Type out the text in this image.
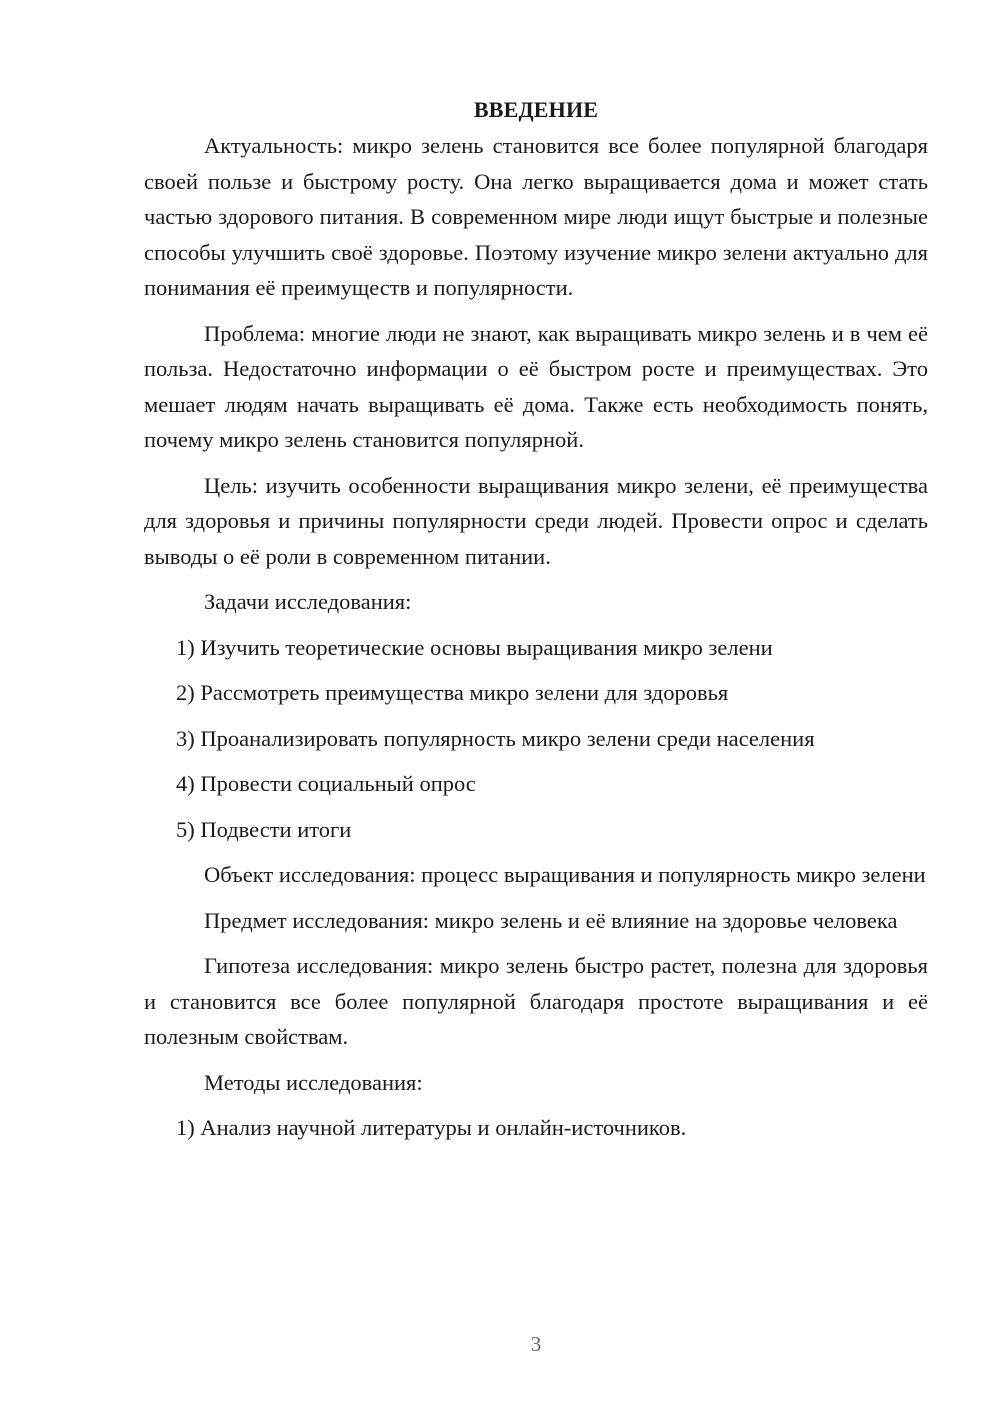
ВВЕДЕНИЕ

Актуальность: микро зелень становится все более популярной благодаря своей пользе и быстрому росту. Она легко выращивается дома и может стать частью здорового питания. В современном мире люди ищут быстрые и полезные способы улучшить своё здоровье. Поэтому изучение микро зелени актуально для понимания её преимуществ и популярности.

Проблема: многие люди не знают, как выращивать микро зелень и в чем её польза. Недостаточно информации о её быстром росте и преимуществах. Это мешает людям начать выращивать её дома. Также есть необходимость понять, почему микро зелень становится популярной.

Цель: изучить особенности выращивания микро зелени, её преимущества для здоровья и причины популярности среди людей. Провести опрос и сделать выводы о её роли в современном питании.

Задачи исследования:

1) Изучить теоретические основы выращивания микро зелени

2) Рассмотреть преимущества микро зелени для здоровья

3) Проанализировать популярность микро зелени среди населения

4) Провести социальный опрос

5) Подвести итоги

Объект исследования: процесс выращивания и популярность микро зелени

Предмет исследования: микро зелень и её влияние на здоровье человека

Гипотеза исследования: микро зелень быстро растет, полезна для здоровья и становится все более популярной благодаря простоте выращивания и её полезным свойствам.

Методы исследования:

1) Анализ научной литературы и онлайн-источников.

3
